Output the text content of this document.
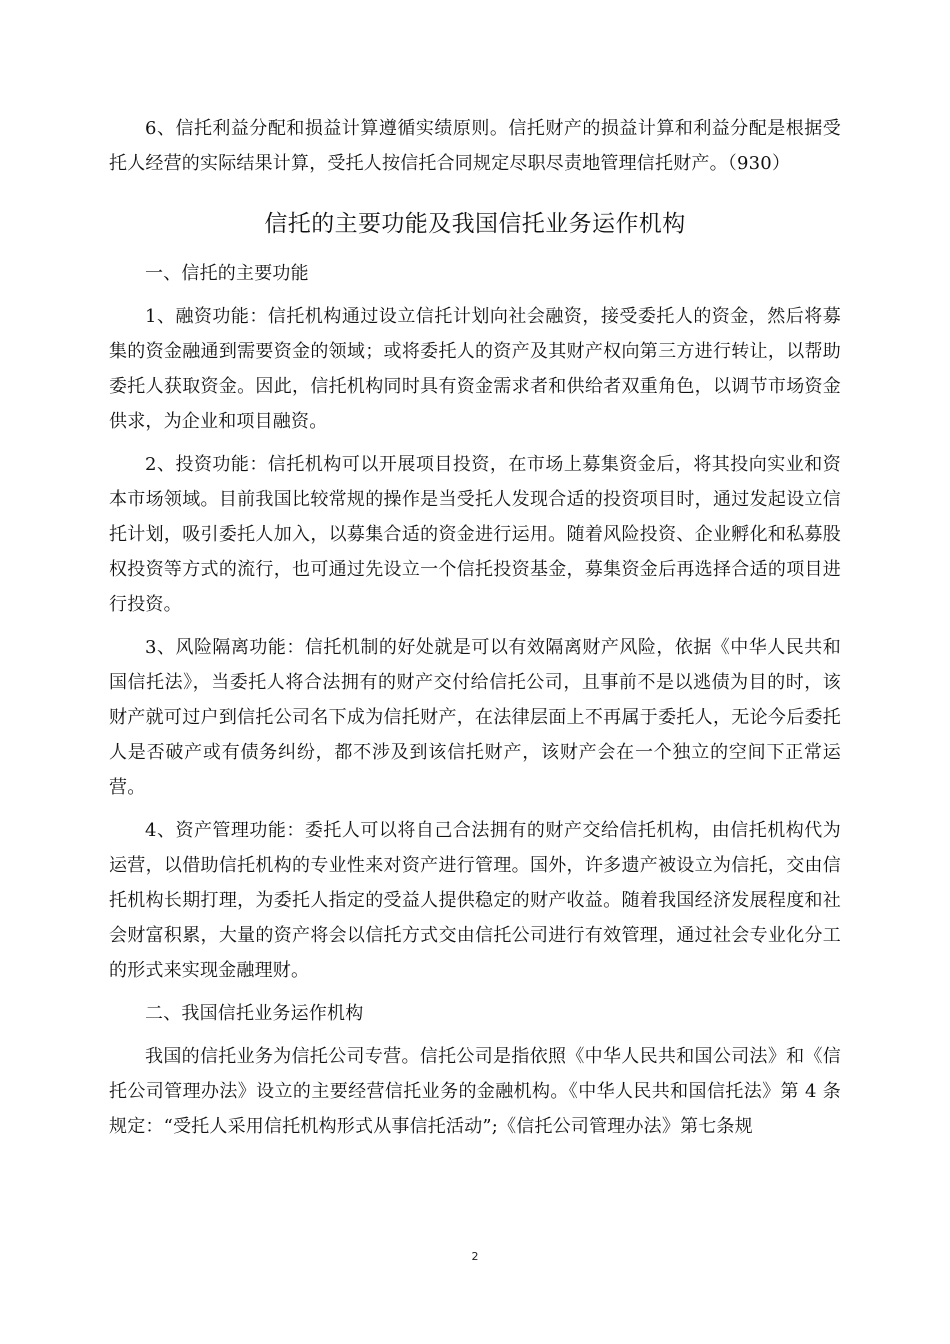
6、信托利益分配和损益计算遵循实绩原则。信托财产的损益计算和利益分配是根据受托人经营的实际结果计算，受托人按信托合同规定尽职尽责地管理信托财产。（930）

信托的主要功能及我国信托业务运作机构

一、信托的主要功能

1、融资功能：信托机构通过设立信托计划向社会融资，接受委托人的资金，然后将募集的资金融通到需要资金的领域；或将委托人的资产及其财产权向第三方进行转让，以帮助委托人获取资金。因此，信托机构同时具有资金需求者和供给者双重角色，以调节市场资金供求，为企业和项目融资。

2、投资功能：信托机构可以开展项目投资，在市场上募集资金后，将其投向实业和资本市场领域。目前我国比较常规的操作是当受托人发现合适的投资项目时，通过发起设立信托计划，吸引委托人加入，以募集合适的资金进行运用。随着风险投资、企业孵化和私募股权投资等方式的流行，也可通过先设立一个信托投资基金，募集资金后再选择合适的项目进行投资。

3、风险隔离功能：信托机制的好处就是可以有效隔离财产风险，依据《中华人民共和国信托法》，当委托人将合法拥有的财产交付给信托公司，且事前不是以逃债为目的时，该财产就可过户到信托公司名下成为信托财产，在法律层面上不再属于委托人，无论今后委托人是否破产或有债务纠纷，都不涉及到该信托财产，该财产会在一个独立的空间下正常运营。

4、资产管理功能：委托人可以将自己合法拥有的财产交给信托机构，由信托机构代为运营，以借助信托机构的专业性来对资产进行管理。国外，许多遗产被设立为信托，交由信托机构长期打理，为委托人指定的受益人提供稳定的财产收益。随着我国经济发展程度和社会财富积累，大量的资产将会以信托方式交由信托公司进行有效管理，通过社会专业化分工的形式来实现金融理财。

二、我国信托业务运作机构

我国的信托业务为信托公司专营。信托公司是指依照《中华人民共和国公司法》和《信托公司管理办法》设立的主要经营信托业务的金融机构。《中华人民共和国信托法》第 4 条规定：“受托人采用信托机构形式从事信托活动”;《信托公司管理办法》第七条规

2
